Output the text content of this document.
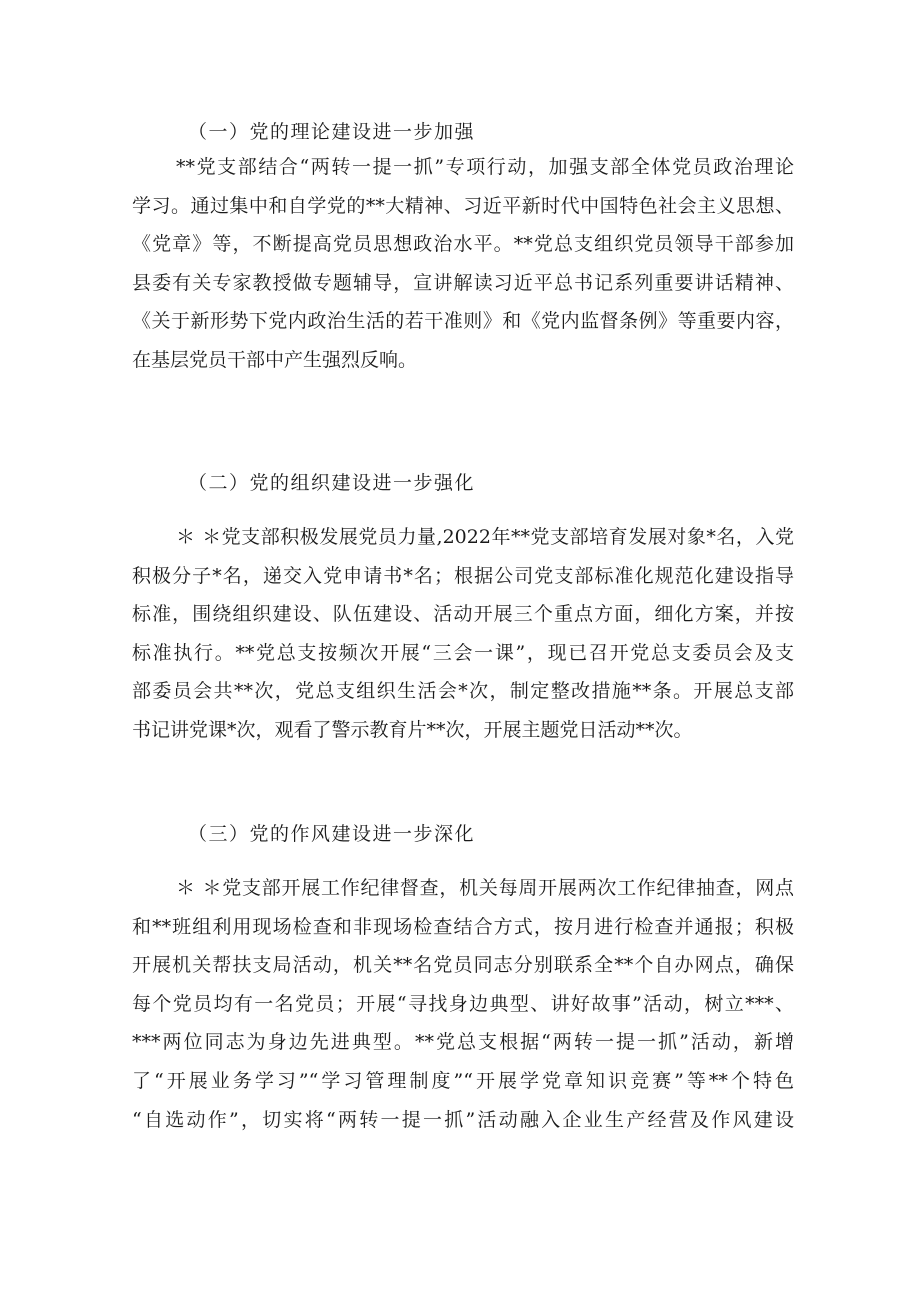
（一）党的理论建设进一步加强
**党支部结合“两转一提一抓”专项行动，加强支部全体党员政治理论
学习。通过集中和自学党的**大精神、习近平新时代中国特色社会主义思想、
《党章》等，不断提高党员思想政治水平。**党总支组织党员领导干部参加
县委有关专家教授做专题辅导，宣讲解读习近平总书记系列重要讲话精神、
《关于新形势下党内政治生活的若干准则》和《党内监督条例》等重要内容，
在基层党员干部中产生强烈反响。
（二）党的组织建设进一步强化
＊ ＊党支部积极发展党员力量,2022年**党支部培育发展对象*名，入党
积极分子*名，递交入党申请书*名；根据公司党支部标准化规范化建设指导
标准，围绕组织建设、队伍建设、活动开展三个重点方面，细化方案，并按
标准执行。**党总支按频次开展“三会一课”，现已召开党总支委员会及支
部委员会共**次，党总支组织生活会*次，制定整改措施**条。开展总支部
书记讲党课*次，观看了警示教育片**次，开展主题党日活动**次。
（三）党的作风建设进一步深化
＊ ＊党支部开展工作纪律督查，机关每周开展两次工作纪律抽查，网点
和**班组利用现场检查和非现场检查结合方式，按月进行检查并通报；积极
开展机关帮扶支局活动，机关**名党员同志分别联系全**个自办网点，确保
每个党员均有一名党员；开展“寻找身边典型、讲好故事”活动，树立***、
***两位同志为身边先进典型。**党总支根据“两转一提一抓”活动，新增
了“开展业务学习”“学习管理制度”“开展学党章知识竞赛”等**个特色
“自选动作”，切实将“两转一提一抓”活动融入企业生产经营及作风建设
